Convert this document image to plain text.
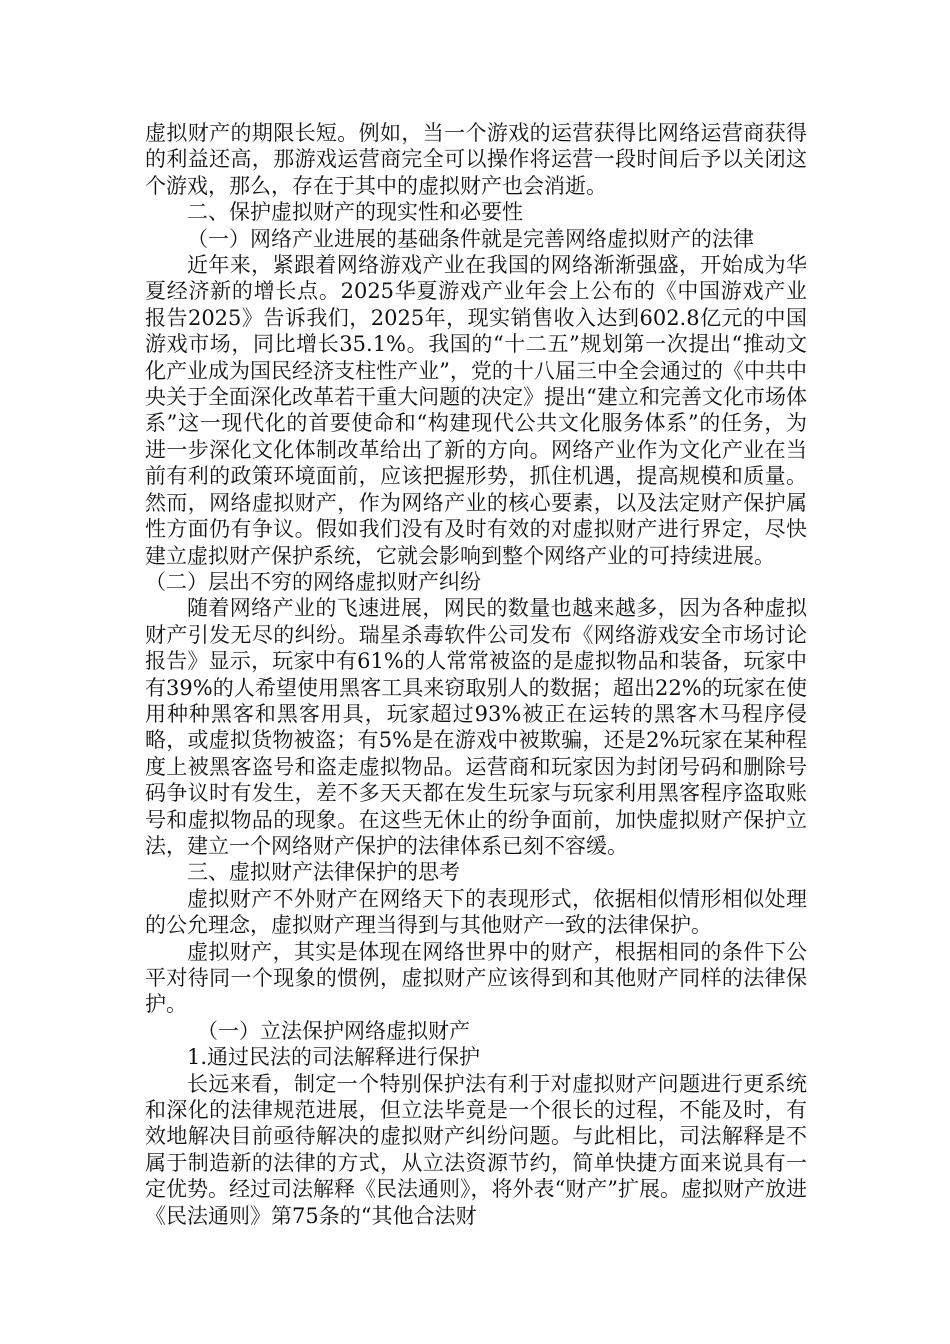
虚拟财产的期限长短。例如，当一个游戏的运营获得比网络运营商获得的利益还高，那游戏运营商完全可以操作将运营一段时间后予以关闭这个游戏，那么，存在于其中的虚拟财产也会消逝。

二、保护虚拟财产的现实性和必要性

（一）网络产业进展的基础条件就是完善网络虚拟财产的法律

近年来，紧跟着网络游戏产业在我国的网络渐渐强盛，开始成为华夏经济新的增长点。2025华夏游戏产业年会上公布的《中国游戏产业报告2025》告诉我们，2025年，现实销售收入达到602.8亿元的中国游戏市场，同比增长35.1%。我国的“十二五”规划第一次提出“推动文化产业成为国民经济支柱性产业”，党的十八届三中全会通过的《中共中央关于全面深化改革若干重大问题的决定》提出“建立和完善文化市场体系”这一现代化的首要使命和“构建现代公共文化服务体系”的任务，为进一步深化文化体制改革给出了新的方向。网络产业作为文化产业在当前有利的政策环境面前，应该把握形势，抓住机遇，提高规模和质量。然而，网络虚拟财产，作为网络产业的核心要素，以及法定财产保护属性方面仍有争议。假如我们没有及时有效的对虚拟财产进行界定，尽快建立虚拟财产保护系统，它就会影响到整个网络产业的可持续进展。

（二）层出不穷的网络虚拟财产纠纷

随着网络产业的飞速进展，网民的数量也越来越多，因为各种虚拟财产引发无尽的纠纷。瑞星杀毒软件公司发布《网络游戏安全市场讨论报告》显示，玩家中有61%的人常常被盗的是虚拟物品和装备，玩家中有39%的人希望使用黑客工具来窃取别人的数据；超出22%的玩家在使用种种黑客和黑客用具，玩家超过93%被正在运转的黑客木马程序侵略，或虚拟货物被盗；有5%是在游戏中被欺骗，还是2%玩家在某种程度上被黑客盗号和盗走虚拟物品。运营商和玩家因为封闭号码和删除号码争议时有发生，差不多天天都在发生玩家与玩家利用黑客程序盗取账号和虚拟物品的现象。在这些无休止的纷争面前，加快虚拟财产保护立法，建立一个网络财产保护的法律体系已刻不容缓。

三、虚拟财产法律保护的思考

虚拟财产不外财产在网络天下的表现形式，依据相似情形相似处理的公允理念，虚拟财产理当得到与其他财产一致的法律保护。

虚拟财产，其实是体现在网络世界中的财产，根据相同的条件下公平对待同一个现象的惯例，虚拟财产应该得到和其他财产同样的法律保护。

（一）立法保护网络虚拟财产

1.通过民法的司法解释进行保护

长远来看，制定一个特别保护法有利于对虚拟财产问题进行更系统和深化的法律规范进展，但立法毕竟是一个很长的过程，不能及时，有效地解决目前亟待解决的虚拟财产纠纷问题。与此相比，司法解释是不属于制造新的法律的方式，从立法资源节约，简单快捷方面来说具有一定优势。经过司法解释《民法通则》，将外表“财产”扩展。虚拟财产放进《民法通则》第75条的“其他合法财
